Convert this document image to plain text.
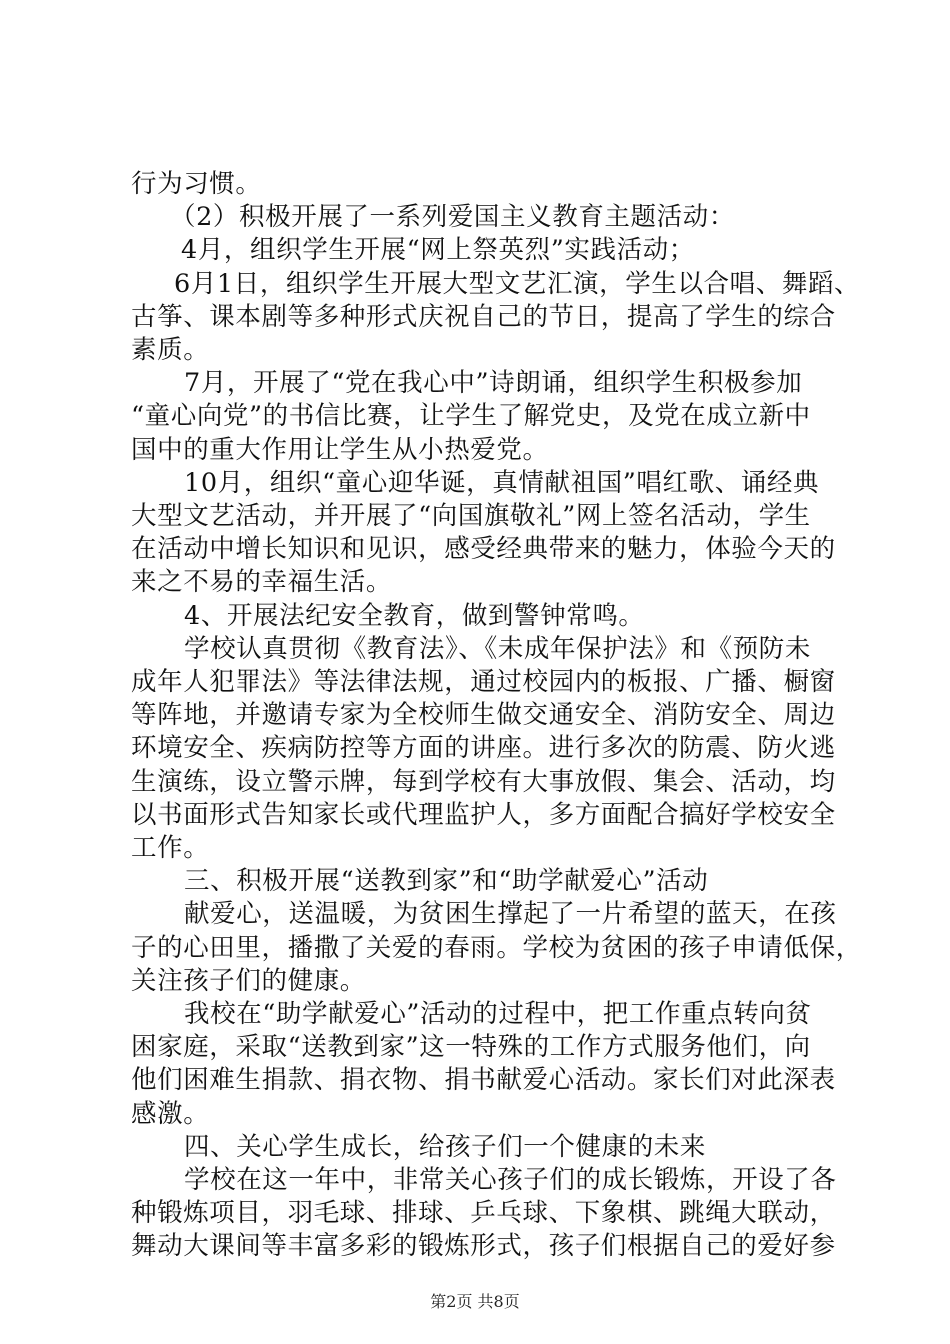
行为习惯。
（2）积极开展了一系列爱国主义教育主题活动：
4月，组织学生开展“网上祭英烈”实践活动；
6月1日，组织学生开展大型文艺汇演，学生以合唱、舞蹈、
古筝、课本剧等多种形式庆祝自己的节日，提高了学生的综合
素质。
7月，开展了“党在我心中”诗朗诵，组织学生积极参加
“童心向党”的书信比赛，让学生了解党史，及党在成立新中
国中的重大作用让学生从小热爱党。
10月，组织“童心迎华诞，真情献祖国”唱红歌、诵经典
大型文艺活动，并开展了“向国旗敬礼”网上签名活动，学生
在活动中增长知识和见识，感受经典带来的魅力，体验今天的
来之不易的幸福生活。
4、开展法纪安全教育，做到警钟常鸣。
学校认真贯彻《教育法》、《未成年保护法》和《预防未
成年人犯罪法》等法律法规，通过校园内的板报、广播、橱窗
等阵地，并邀请专家为全校师生做交通安全、消防安全、周边
环境安全、疾病防控等方面的讲座。进行多次的防震、防火逃
生演练，设立警示牌，每到学校有大事放假、集会、活动，均
以书面形式告知家长或代理监护人，多方面配合搞好学校安全
工作。
三、积极开展“送教到家”和“助学献爱心”活动
献爱心，送温暖，为贫困生撑起了一片希望的蓝天，在孩
子的心田里，播撒了关爱的春雨。学校为贫困的孩子申请低保，
关注孩子们的健康。
我校在“助学献爱心”活动的过程中，把工作重点转向贫
困家庭，采取“送教到家”这一特殊的工作方式服务他们，向
他们困难生捐款、捐衣物、捐书献爱心活动。家长们对此深表
感激。
四、关心学生成长，给孩子们一个健康的未来
学校在这一年中，非常关心孩子们的成长锻炼，开设了各
种锻炼项目，羽毛球、排球、乒乓球、下象棋、跳绳大联动，
舞动大课间等丰富多彩的锻炼形式，孩子们根据自己的爱好参
第2页 共8页
